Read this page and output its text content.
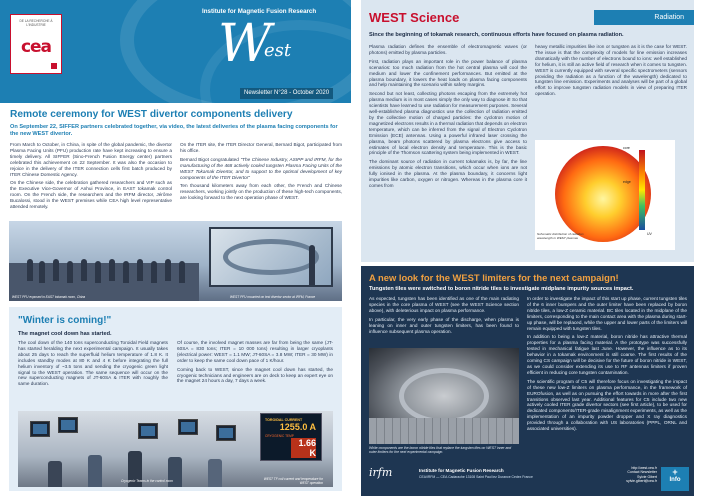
DE LA RECHERCHE À L'INDUSTRIE
cea
Institute for Magnetic Fusion Research
W
est
Newsletter N°28 - October 2020
Remote ceremony for WEST divertor components delivery
On September 22, SIFFER partners celebrated together, via video, the latest deliveries of the plasma facing components for the new WEST divertor.

From March to October, in China, in spite of the global pandemic, the divertor Plasma Facing Units (PFU) production rate have kept increasing to ensure a timely delivery. All SIFFER (Sino-French Fusion Energy center) partners celebrated this achievement on 22 September. It was also the occasion to rejoice in the delivery of the ITER connection cells first batch produced by ITER Chinese Domestic Agency.

On the Chinese side, the celebration gathered researchers and VIP such as the Executive Vice-Governor of Anhui Province, in EAST tokamak control room. On the French side, the researchers and the IRFM director, Jérôme Bucalossi, stood in the WEST premises while CEA high level representative attended remotely.

On the ITER site, the ITER Director General, Bernard Bigot, participated from his office.

Bernard Bigot congratulated "The Chinese Industry, ASIPP and IRFM, for the manufacturing of the 468 actively cooled tungsten Plasma Facing Units of the WEST Tokamak Divertor, and to support to the optimal development of key components of the ITER Divertor"

Ten thousand kilometers away from each other, the French and Chinese researchers, working jointly on the production of these high-tech components, are looking forward to the next operation phase of WEST.

WEST PFU exposed in EAST tokamak room, China	WEST PFU mounted on test divertor sector at IRFM, France
"Winter is coming!"
The magnet cool down has started.

The cool down of the 140 tons superconducting Toroidal Field magnets has started heralding the next experimental campaign. It usually takes about 25 days to reach the superfluid helium temperature of 1.8 K. It includes standby modes at 80 K and 4 K before integrating the full helium inventory of ~3.5 tons and sending the cryogenic green light signal to the WEST operation. The same sequence will occur on the new superconducting magnets of JT-60SA & ITER with roughly the same duration.

Of course, the involved magnet masses are far from being the same (JT-60SA = 830 tons; ITER = 10 000 tons) resulting in larger cryoplants (electrical power: WEST = 1.1 MW; JT-60SA = 3.8 MW; ITER = 30 MW) in order to keep the same cool down pace of 1 K/hour.

Coming back to WEST, since the magnet cool down has started, the cryogenic technicians and engineers are on deck to keep an expert eye on the magnet 24 hours a day, 7 days a week.

TOROIDAL CURRENT
1255.0 A
CRYOGENIC TEMP
1.66 K
Cryogenic Teams in the control room	WEST TF coil current and temperature for WEST operation
WEST Science	Radiation
Since the beginning of tokamak research, continuous efforts have focused on plasma radiation.

Plasma radiation defines the ensemble of electromagnetic waves (or photons) emitted by plasma particles.

First, radiation plays an important role in the power balance of plasma scenarios: too much radiation from the hot central plasma will cool the medium and lower the confinement performances. But emitted at the plasma boundary, it lowers the heat loads on plasma facing components and help maintaining the scenario within safety margins.

Second but not least, collecting photons escaping from the extremely hot plasma medium is in most cases simply the only way to diagnose it! So that scientists have learned to use radiation for measurement purposes. Several well-established plasma diagnostics use the collection of radiation emitted by the collective motion of charged particles: the cyclotron motion of magnetized electrons results in a thermal radiation that depends on electron temperature, which can be inferred from the signal of Electron Cyclotron Emission (ECE) antennas. Using a powerful infrared laser crossing the plasma, beam photons scattered by plasma electrons give access to estimates of local electron density and temperature. This is the basic principle of the Thomson scattering system being implemented in WEST.

The dominant source of radiation in current tokamaks is, by far, the line emissions by atomic electron transitions, which occur when ions are not fully ionised in the plasma. At the plasma boundary, it concerns light impurities like carbon, oxygen or nitrogen. Whereas in the plasma core it comes from

heavy metallic impurities like iron or tungsten as it is the case for WEST. The issue is that the complexity of models for line emission increases dramatically with the number of electrons bound to ions: well established for helium, it is still an active field of research when it comes to tungsten. WEST is currently equipped with several specific spectrometers (sensors providing the radiation as a function of the wavelength) dedicated to tungsten line emission. Experiments and analyses will be part of a global effort to improve tungsten radiation models in view of preparing ITER operation.

core
edge
UV
Schematic distribution of radiation wavelength in WEST plasmas
A new look for the WEST limiters for the next campaign!
Tungsten tiles were switched to boron nitride tiles to investigate midplane impurity sources impact.

As expected, tungsten has been identified as one of the main radiating species in the core plasma of WEST (see the WEST Science section above), with deleterious impact on plasma performance.

In particular, the very early phase of the discharge, when plasma is leaning on inner and outer tungsten limiters, has been found to influence subsequent plasma operation.

White components are the boron nitride tiles that replace the tungsten tiles on WEST inner and outer limiters for the next experimental campaign.

In order to investigate the impact of this start up phase, current tungsten tiles of the 6 inner bumpers and the outer limiter have been replaced by boron nitride tiles, a low-Z ceramic material. BC tiles located in the midplane of the limiters, corresponding to the main contact area with the plasma during start-up phase, will be replaced, while the upper and lower parts of the limiters will remain equipped with tungsten tiles.

In addition to being a low-Z material, boron nitride has attractive thermal properties for a plasma facing material. A the prototype was successfully tested in mechanical fatigue last June. However, the influence as to its behavior in a tokamak environment is still coarse. The first results of the coming CS campaign will be decisive for the future of boron nitride in WEST, as we could consider extending its use to RF antennas limiters if proven efficient in reducing core tungsten contamination.

The scientific program of C5 will therefore focus on investigating the impact of these new low-Z limiters on plasma performance, in the framework of EUROfusion, as well as on pursuing the effort towards in more after the first transitions observed last year. Additional features for C5 include two new actively cooled ITER grade divertor sectors (see first article), to be used for dedicated components/ITER-grade misalignment experiments, as well as the implementation of an impurity powder dropper and X ray diagnostics provided through a collaboration with US laboratories (PPPL, ORNL and associated universities).

irfm	Institute for Magnetic Fusion Research
CEA/IRFM — CEA Cadarache 13108 Saint Paul lez Durance Cedex France
http://west.cea.fr
Contact Newsletter
Sylvie Gibert
sylvie.gibert@cea.fr
+
Info
